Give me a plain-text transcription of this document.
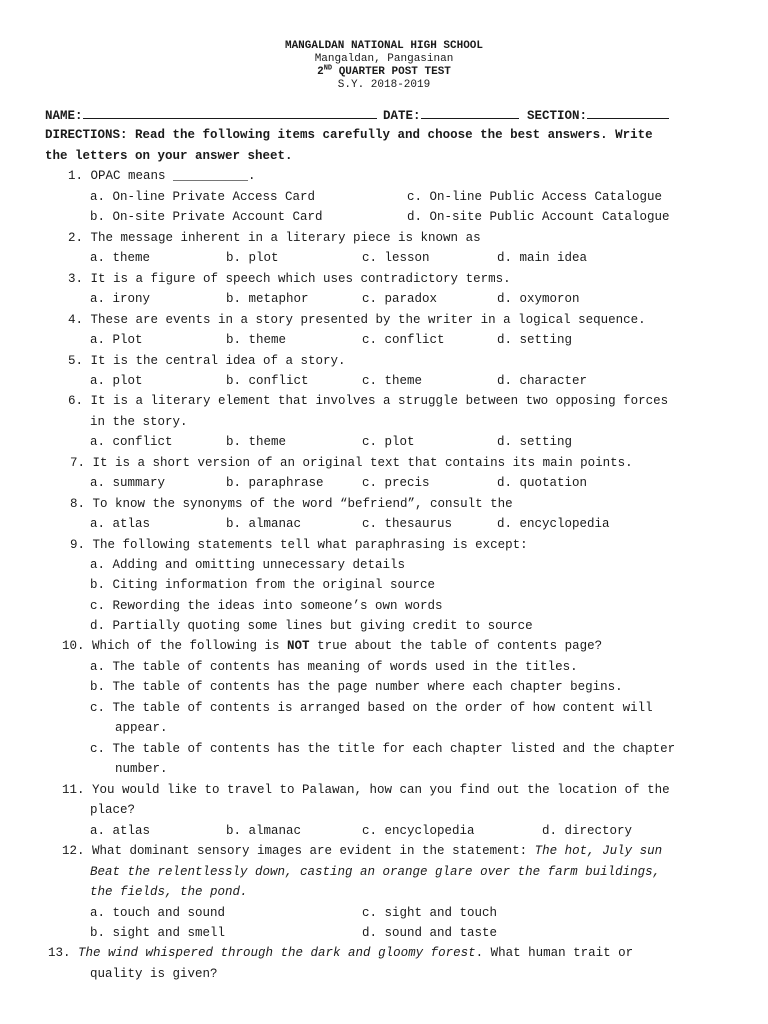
MANGALDAN NATIONAL HIGH SCHOOL
Mangaldan, Pangasinan
2ND QUARTER POST TEST
S.Y. 2018-2019
NAME:	DATE:	SECTION:
DIRECTIONS: Read the following items carefully and choose the best answers. Write
the letters on your answer sheet.
1. OPAC means __________.
a. On-line Private Access Card	c. On-line Public Access Catalogue
b. On-site Private Account Card	d. On-site Public Account Catalogue
2. The message inherent in a literary piece is known as
a. theme	b. plot	c. lesson	d. main idea
3. It is a figure of speech which uses contradictory terms.
a. irony	b. metaphor	c. paradox	d. oxymoron
4. These are events in a story presented by the writer in a logical sequence.
a. Plot	b. theme	c. conflict	d. setting
5. It is the central idea of a story.
a. plot	b. conflict	c. theme	d. character
6. It is a literary element that involves a struggle between two opposing forces
in the story.
a. conflict	b. theme	c. plot	d. setting
7. It is a short version of an original text that contains its main points.
a. summary	b. paraphrase	c. precis	d. quotation
8. To know the synonyms of the word “befriend”, consult the
a. atlas	b. almanac	c. thesaurus	d. encyclopedia
9. The following statements tell what paraphrasing is except:
a. Adding and omitting unnecessary details
b. Citing information from the original source
c. Rewording the ideas into someone’s own words
d. Partially quoting some lines but giving credit to source
10. Which of the following is NOT true about the table of contents page?
a. The table of contents has meaning of words used in the titles.
b. The table of contents has the page number where each chapter begins.
c. The table of contents is arranged based on the order of how content will
appear.
c. The table of contents has the title for each chapter listed and the chapter
number.
11. You would like to travel to Palawan, how can you find out the location of the
place?
a. atlas	b. almanac	c. encyclopedia	d. directory
12. What dominant sensory images are evident in the statement: The hot, July sun
Beat the relentlessly down, casting an orange glare over the farm buildings,
the fields, the pond.
a. touch and sound	c. sight and touch
b. sight and smell	d. sound and taste
13. The wind whispered through the dark and gloomy forest. What human trait or
quality is given?
